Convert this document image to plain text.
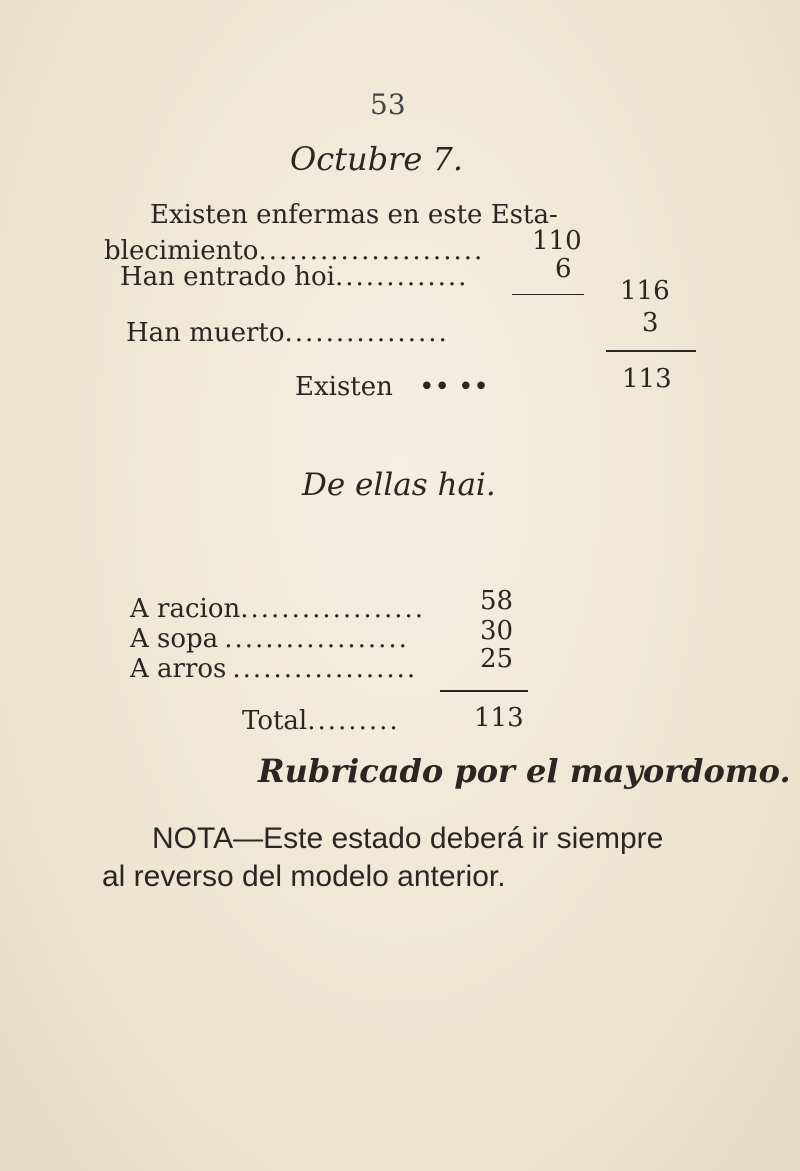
53
Octubre 7.
Existen enfermas en este Esta-
blecimiento...................... 110
Han entrado hoi.............	6
116
Han muerto................	3
Existen •• ••	113
De ellas hai.
A racion.................. 58
A sopa ..................	30
A arros .................. 25
Total.........	113
Rubricado por el mayordomo.
NOTA—Este estado deberá ir siempre
al reverso del modelo anterior.
